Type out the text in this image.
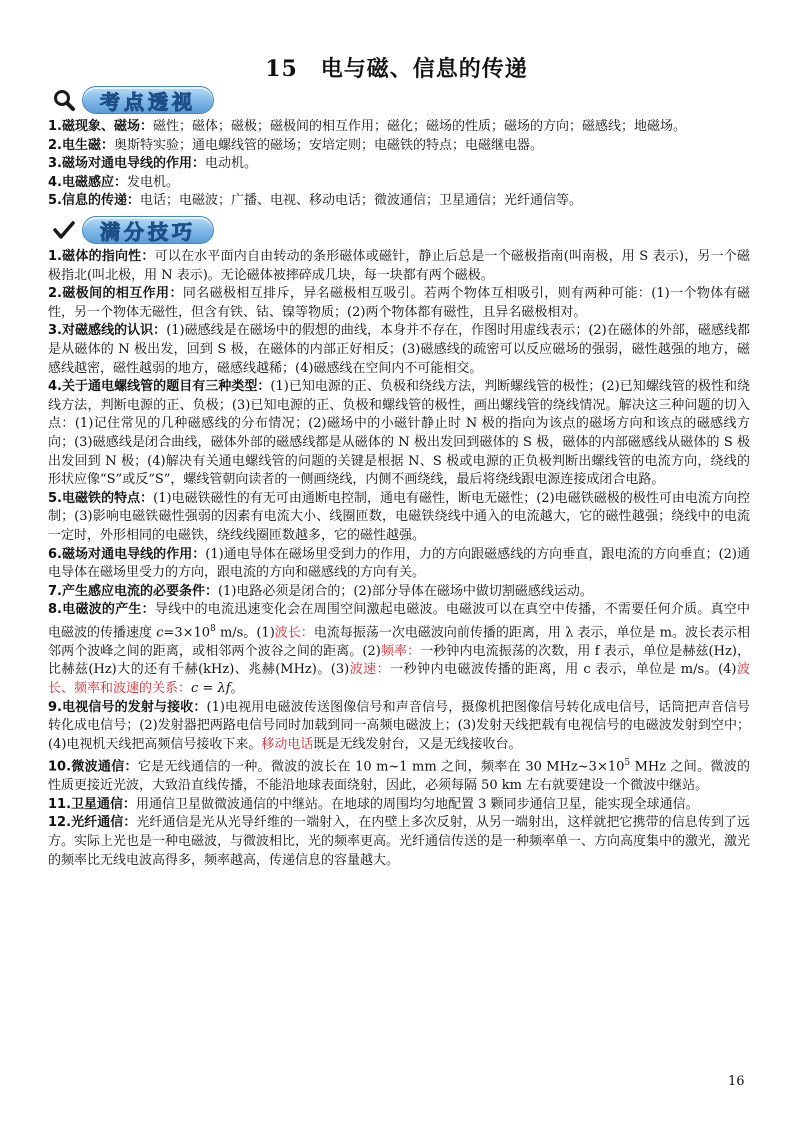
15　电与磁、信息的传递
考点透视

1.磁现象、磁场：磁性；磁体；磁极；磁极间的相互作用；磁化；磁场的性质；磁场的方向；磁感线；地磁场。

2.电生磁：奥斯特实验；通电螺线管的磁场；安培定则；电磁铁的特点；电磁继电器。

3.磁场对通电导线的作用：电动机。

4.电磁感应：发电机。

5.信息的传递：电话；电磁波；广播、电视、移动电话；微波通信；卫星通信；光纤通信等。

满分技巧

1.磁体的指向性：可以在水平面内自由转动的条形磁体或磁针，静止后总是一个磁极指南(叫南极，用 S 表示)，另一个磁极指北(叫北极，用 N 表示)。无论磁体被摔碎成几块，每一块都有两个磁极。

2.磁极间的相互作用：同名磁极相互排斥，异名磁极相互吸引。若两个物体互相吸引，则有两种可能：(1)一个物体有磁性，另一个物体无磁性，但含有铁、钴、镍等物质；(2)两个物体都有磁性，且异名磁极相对。

3.对磁感线的认识：(1)磁感线是在磁场中的假想的曲线，本身并不存在，作图时用虚线表示；(2)在磁体的外部，磁感线都是从磁体的 N 极出发，回到 S 极，在磁体的内部正好相反；(3)磁感线的疏密可以反应磁场的强弱，磁性越强的地方，磁感线越密，磁性越弱的地方，磁感线越稀；(4)磁感线在空间内不可能相交。

4.关于通电螺线管的题目有三种类型：(1)已知电源的正、负极和绕线方法，判断螺线管的极性；(2)已知螺线管的极性和绕线方法，判断电源的正、负极；(3)已知电源的正、负极和螺线管的极性，画出螺线管的绕线情况。解决这三种问题的切入点：(1)记住常见的几种磁感线的分布情况；(2)磁场中的小磁针静止时 N 极的指向为该点的磁场方向和该点的磁感线方向；(3)磁感线是闭合曲线，磁体外部的磁感线都是从磁体的 N 极出发回到磁体的 S 极，磁体的内部磁感线从磁体的 S 极出发回到 N 极；(4)解决有关通电螺线管的问题的关键是根据 N、S 极或电源的正负极判断出螺线管的电流方向，绕线的形状应像“S”或反“S”，螺线管朝向读者的一侧画绕线，内侧不画绕线，最后将绕线跟电源连接成闭合电路。

5.电磁铁的特点：(1)电磁铁磁性的有无可由通断电控制，通电有磁性，断电无磁性；(2)电磁铁磁极的极性可由电流方向控制；(3)影响电磁铁磁性强弱的因素有电流大小、线圈匝数，电磁铁绕线中通入的电流越大，它的磁性越强；绕线中的电流一定时，外形相同的电磁铁，绕线线圈匝数越多，它的磁性越强。

6.磁场对通电导线的作用：(1)通电导体在磁场里受到力的作用，力的方向跟磁感线的方向垂直，跟电流的方向垂直；(2)通电导体在磁场里受力的方向，跟电流的方向和磁感线的方向有关。

7.产生感应电流的必要条件：(1)电路必须是闭合的；(2)部分导体在磁场中做切割磁感线运动。

8.电磁波的产生：导线中的电流迅速变化会在周围空间激起电磁波。电磁波可以在真空中传播，不需要任何介质。真空中电磁波的传播速度 $c=3\times 10^8$ m/s。(1)波长：电流每振荡一次电磁波向前传播的距离，用 λ 表示，单位是 m。波长表示相邻两个波峰之间的距离，或相邻两个波谷之间的距离。(2)频率：一秒钟内电流振荡的次数，用 f 表示，单位是赫兹(Hz)，比赫兹(Hz)大的还有千赫(kHz)、兆赫(MHz)。(3)波速：一秒钟内电磁波传播的距离，用 c 表示，单位是 m/s。(4)波长、频率和波速的关系：c = λf。

9.电视信号的发射与接收：(1)电视用电磁波传送图像信号和声音信号，摄像机把图像信号转化成电信号，话筒把声音信号转化成电信号；(2)发射器把两路电信号同时加载到同一高频电磁波上；(3)发射天线把载有电视信号的电磁波发射到空中；(4)电视机天线把高频信号接收下来。移动电话既是无线发射台，又是无线接收台。

10.微波通信：它是无线通信的一种。微波的波长在 10 m~1 mm 之间，频率在 30 $MHz\sim 3\times 10^5$ MHz 之间。微波的性质更接近光波，大致沿直线传播，不能沿地球表面绕射，因此，必须每隔 50 km 左右就要建设一个微波中继站。

11.卫星通信：用通信卫星做微波通信的中继站。在地球的周围均匀地配置 3 颗同步通信卫星，能实现全球通信。

12.光纤通信：光纤通信是光从光导纤维的一端射入，在内壁上多次反射，从另一端射出，这样就把它携带的信息传到了远方。实际上光也是一种电磁波，与微波相比，光的频率更高。光纤通信传送的是一种频率单一、方向高度集中的激光，激光的频率比无线电波高得多，频率越高，传递信息的容量越大。

16
